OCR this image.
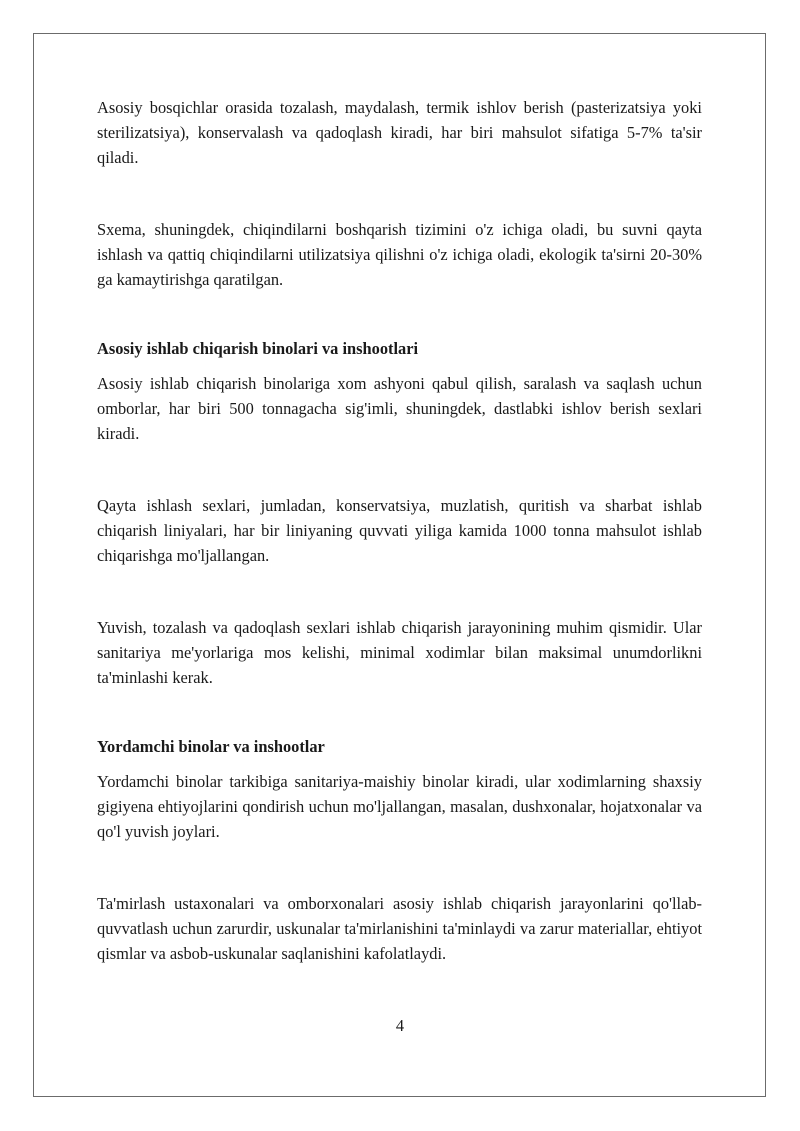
Asosiy bosqichlar orasida tozalash, maydalash, termik ishlov berish (pasterizatsiya yoki sterilizatsiya), konservalash va qadoqlash kiradi, har biri mahsulot sifatiga 5-7% ta'sir qiladi.

Sxema, shuningdek, chiqindilarni boshqarish tizimini o'z ichiga oladi, bu suvni qayta ishlash va qattiq chiqindilarni utilizatsiya qilishni o'z ichiga oladi, ekologik ta'sirni 20-30% ga kamaytirishga qaratilgan.

Asosiy ishlab chiqarish binolari va inshootlari

Asosiy ishlab chiqarish binolariga xom ashyoni qabul qilish, saralash va saqlash uchun omborlar, har biri 500 tonnagacha sig'imli, shuningdek, dastlabki ishlov berish sexlari kiradi.

Qayta ishlash sexlari, jumladan, konservatsiya, muzlatish, quritish va sharbat ishlab chiqarish liniyalari, har bir liniyaning quvvati yiliga kamida 1000 tonna mahsulot ishlab chiqarishga mo'ljallangan.

Yuvish, tozalash va qadoqlash sexlari ishlab chiqarish jarayonining muhim qismidir. Ular sanitariya me'yorlariga mos kelishi, minimal xodimlar bilan maksimal unumdorlikni ta'minlashi kerak.

Yordamchi binolar va inshootlar

Yordamchi binolar tarkibiga sanitariya-maishiy binolar kiradi, ular xodimlarning shaxsiy gigiyena ehtiyojlarini qondirish uchun mo'ljallangan, masalan, dushxonalar, hojatxonalar va qo'l yuvish joylari.

Ta'mirlash ustaxonalari va omborxonalari asosiy ishlab chiqarish jarayonlarini qo'llab-quvvatlash uchun zarurdir, uskunalar ta'mirlanishini ta'minlaydi va zarur materiallar, ehtiyot qismlar va asbob-uskunalar saqlanishini kafolatlaydi.

4
